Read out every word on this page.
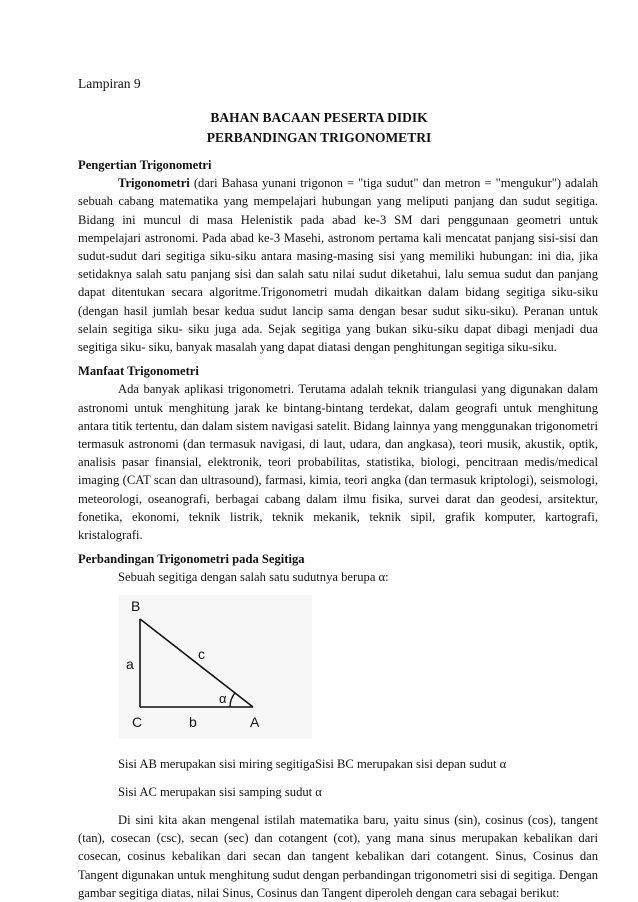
Lampiran 9
BAHAN BACAAN PESERTA DIDIK
PERBANDINGAN TRIGONOMETRI

Pengertian Trigonometri

Trigonometri (dari Bahasa yunani trigonon = "tiga sudut" dan metron = "mengukur") adalah sebuah cabang matematika yang mempelajari hubungan yang meliputi panjang dan sudut segitiga. Bidang ini muncul di masa Helenistik pada abad ke-3 SM dari penggunaan geometri untuk mempelajari astronomi. Pada abad ke-3 Masehi, astronom pertama kali mencatat panjang sisi-sisi dan sudut-sudut dari segitiga siku-siku antara masing-masing sisi yang memiliki hubungan: ini dia, jika setidaknya salah satu panjang sisi dan salah satu nilai sudut diketahui, lalu semua sudut dan panjang dapat ditentukan secara algoritme.Trigonometri mudah dikaitkan dalam bidang segitiga siku-siku (dengan hasil jumlah besar kedua sudut lancip sama dengan besar sudut siku-siku). Peranan untuk selain segitiga siku- siku juga ada. Sejak segitiga yang bukan siku-siku dapat dibagi menjadi dua segitiga siku- siku, banyak masalah yang dapat diatasi dengan penghitungan segitiga siku-siku.

Manfaat Trigonometri

Ada banyak aplikasi trigonometri. Terutama adalah teknik triangulasi yang digunakan dalam astronomi untuk menghitung jarak ke bintang-bintang terdekat, dalam geografi untuk menghitung antara titik tertentu, dan dalam sistem navigasi satelit. Bidang lainnya yang menggunakan trigonometri termasuk astronomi (dan termasuk navigasi, di laut, udara, dan angkasa), teori musik, akustik, optik, analisis pasar finansial, elektronik, teori probabilitas, statistika, biologi, pencitraan medis/medical imaging (CAT scan dan ultrasound), farmasi, kimia, teori angka (dan termasuk kriptologi), seismologi, meteorologi, oseanografi, berbagai cabang dalam ilmu fisika, survei darat dan geodesi, arsitektur, fonetika, ekonomi, teknik listrik, teknik mekanik, teknik sipil, grafik komputer, kartografi, kristalografi.

Perbandingan Trigonometri pada Segitiga

Sebuah segitiga dengan salah satu sudutnya berupa α:

B
a
c
α
C	b	A

Sisi AB merupakan sisi miring segitigaSisi BC merupakan sisi depan sudut α

Sisi AC merupakan sisi samping sudut α

Di sini kita akan mengenal istilah matematika baru, yaitu sinus (sin), cosinus (cos), tangent (tan), cosecan (csc), secan (sec) dan cotangent (cot), yang mana sinus merupakan kebalikan dari cosecan, cosinus kebalikan dari secan dan tangent kebalikan dari cotangent. Sinus, Cosinus dan Tangent digunakan untuk menghitung sudut dengan perbandingan trigonometri sisi di segitiga. Dengan gambar segitiga diatas, nilai Sinus, Cosinus dan Tangent diperoleh dengan cara sebagai berikut:
